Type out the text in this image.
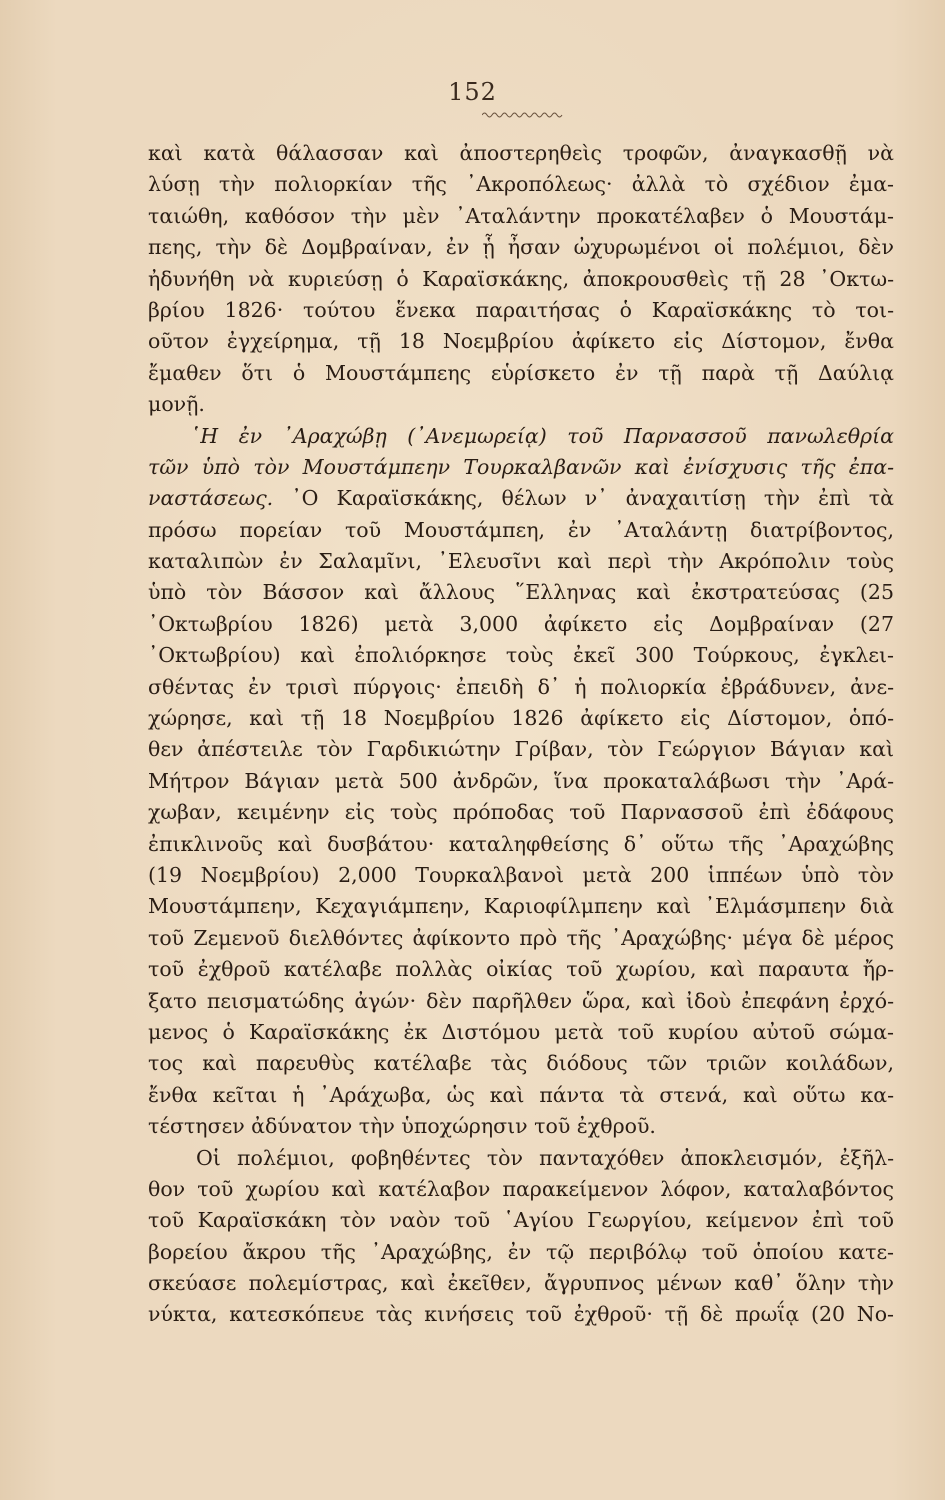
152
καὶ κατὰ θάλασσαν καὶ ἀποστερηθεὶς τροφῶν, ἀναγκασθῇ νὰ
λύσῃ τὴν πολιορκίαν τῆς ᾿Ακροπόλεως· ἀλλὰ τὸ σχέδιον ἐμα-
ταιώθη, καθόσον τὴν μὲν ᾿Αταλάντην προκατέλαβεν ὁ Μουστάμ-
πεης, τὴν δὲ Δομβραίναν, ἐν ᾗ ἦσαν ὠχυρωμένοι οἱ πολέμιοι, δὲν
ἠδυνήθη νὰ κυριεύσῃ ὁ Καραϊσκάκης, ἀποκρουσθεὶς τῇ 28 ᾿Οκτω-
βρίου 1826· τούτου ἕνεκα παραιτήσας ὁ Καραϊσκάκης τὸ τοι-
οῦτον ἐγχείρημα, τῇ 18 Νοεμβρίου ἀφίκετο εἰς Δίστομον, ἔνθα
ἔμαθεν ὅτι ὁ Μουστάμπεης εὑρίσκετο ἐν τῇ παρὰ τῇ Δαύλιᾳ
μονῇ.
῾Η ἐν ᾿Αραχώβῃ (᾿Ανεμωρείᾳ) τοῦ Παρνασσοῦ πανωλεθρία
τῶν ὑπὸ τὸν Μουστάμπεην Τουρκαλβανῶν καὶ ἐνίσχυσις τῆς ἐπα-
ναστάσεως. ᾿Ο Καραϊσκάκης, θέλων ν᾿ ἀναχαιτίσῃ τὴν ἐπὶ τὰ
πρόσω πορείαν τοῦ Μουστάμπεη, ἐν ᾿Αταλάντῃ διατρίβοντος,
καταλιπὼν ἐν Σαλαμῖνι, ᾿Ελευσῖνι καὶ περὶ τὴν Ακρόπολιν τοὺς
ὑπὸ τὸν Βάσσον καὶ ἄλλους ῞Ελληνας καὶ ἐκστρατεύσας (25
᾿Οκτωβρίου 1826) μετὰ 3,000 ἀφίκετο εἰς Δομβραίναν (27
᾿Οκτωβρίου) καὶ ἐπολιόρκησε τοὺς ἐκεῖ 300 Τούρκους, ἐγκλει-
σθέντας ἐν τρισὶ πύργοις· ἐπειδὴ δ᾿ ἡ πολιορκία ἐβράδυνεν, ἀνε-
χώρησε, καὶ τῇ 18 Νοεμβρίου 1826 ἀφίκετο εἰς Δίστομον, ὁπό-
θεν ἀπέστειλε τὸν Γαρδικιώτην Γρίβαν, τὸν Γεώργιον Βάγιαν καὶ
Μήτρον Βάγιαν μετὰ 500 ἀνδρῶν, ἵνα προκαταλάβωσι τὴν ᾿Αρά-
χωβαν, κειμένην εἰς τοὺς πρόποδας τοῦ Παρνασσοῦ ἐπὶ ἐδάφους
ἐπικλινοῦς καὶ δυσβάτου· καταληφθείσης δ᾿ οὕτω τῆς ᾿Αραχώβης
(19 Νοεμβρίου) 2,000 Τουρκαλβανοὶ μετὰ 200 ἱππέων ὑπὸ τὸν
Μουστάμπεην, Κεχαγιάμπεην, Καριοφίλμπεην καὶ ᾿Ελμάσμπεην διὰ
τοῦ Ζεμενοῦ διελθόντες ἀφίκοντο πρὸ τῆς ᾿Αραχώβης· μέγα δὲ μέρος
τοῦ ἐχθροῦ κατέλαβε πολλὰς οἰκίας τοῦ χωρίου, καὶ παραυτα ἤρ-
ξατο πεισματώδης ἀγών· δὲν παρῆλθεν ὥρα, καὶ ἰδοὺ ἐπεφάνη ἐρχό-
μενος ὁ Καραϊσκάκης ἐκ Διστόμου μετὰ τοῦ κυρίου αὐτοῦ σώμα-
τος καὶ παρευθὺς κατέλαβε τὰς διόδους τῶν τριῶν κοιλάδων,
ἔνθα κεῖται ἡ ᾿Αράχωβα, ὡς καὶ πάντα τὰ στενά, καὶ οὕτω κα-
τέστησεν ἀδύνατον τὴν ὑποχώρησιν τοῦ ἐχθροῦ.
Οἱ πολέμιοι, φοβηθέντες τὸν πανταχόθεν ἀποκλεισμόν, ἐξῆλ-
θον τοῦ χωρίου καὶ κατέλαβον παρακείμενον λόφον, καταλαβόντος
τοῦ Καραϊσκάκη τὸν ναὸν τοῦ ῾Αγίου Γεωργίου, κείμενον ἐπὶ τοῦ
βορείου ἄκρου τῆς ᾿Αραχώβης, ἐν τῷ περιβόλῳ τοῦ ὁποίου κατε-
σκεύασε πολεμίστρας, καὶ ἐκεῖθεν, ἄγρυπνος μένων καθ᾿ ὅλην τὴν
νύκτα, κατεσκόπευε τὰς κινήσεις τοῦ ἐχθροῦ· τῇ δὲ πρωΐᾳ (20 Νο-
